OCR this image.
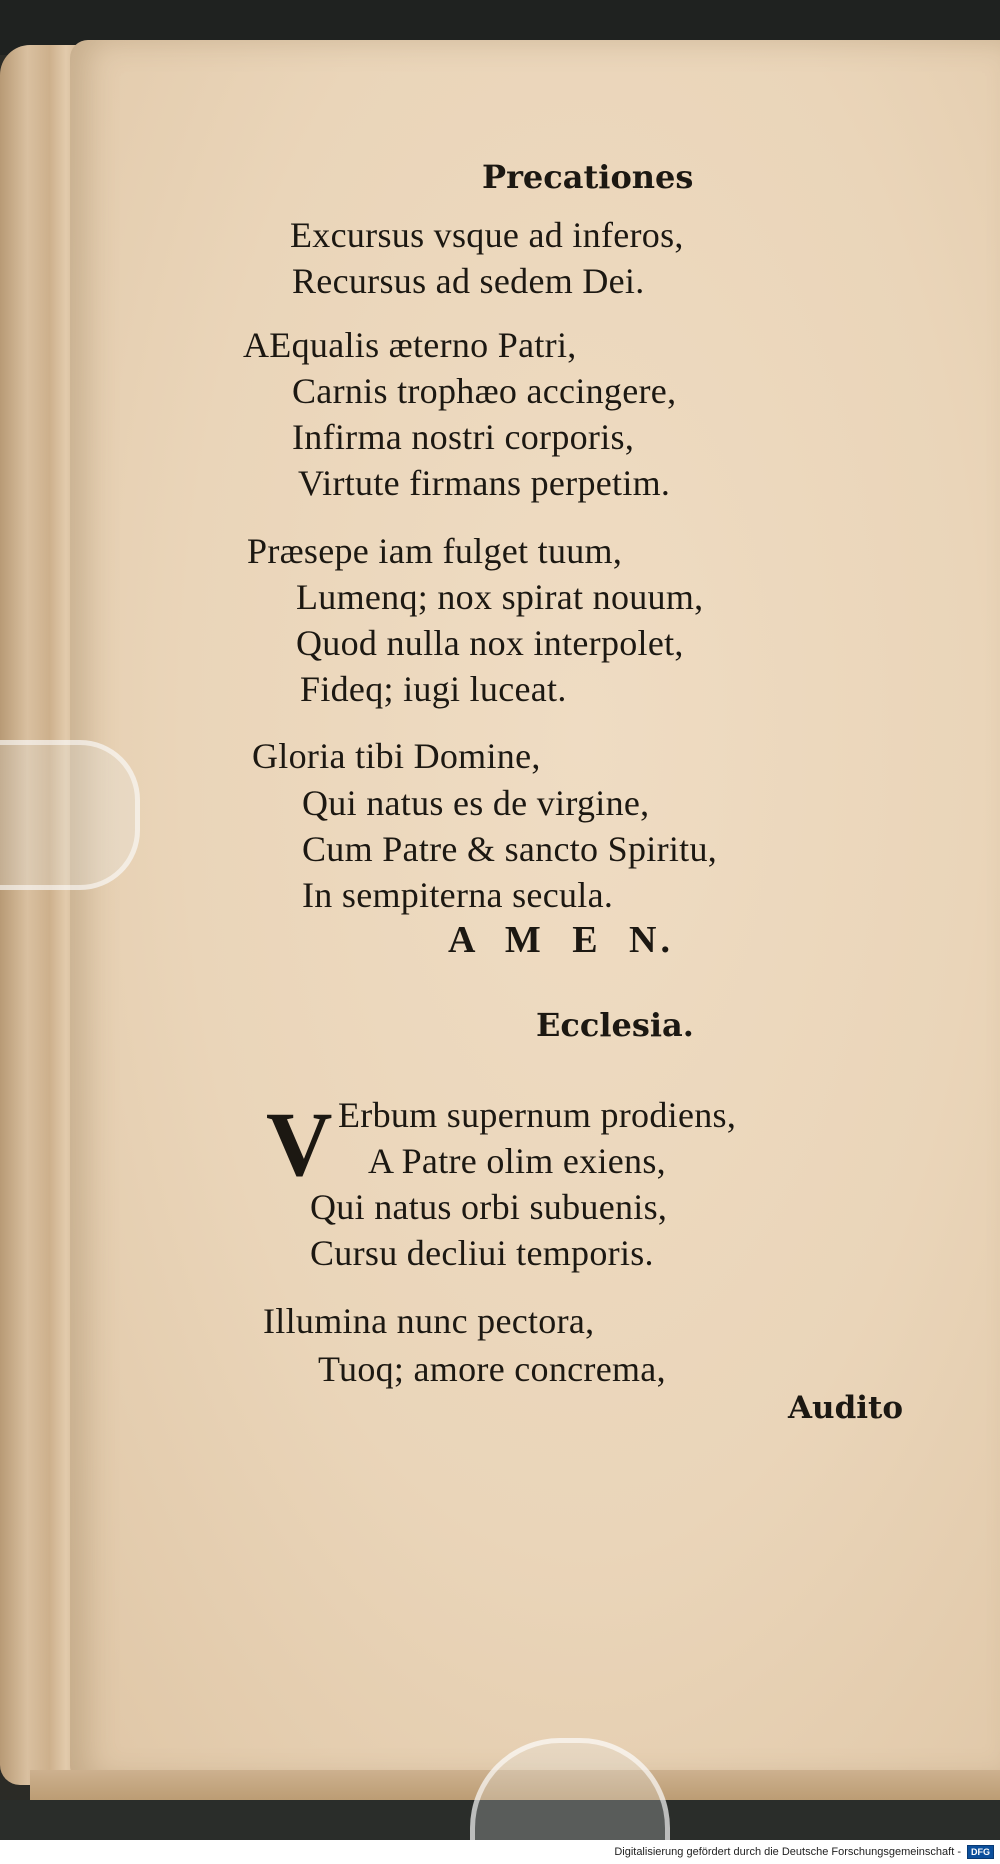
Precationes
Excursus vsque ad inferos,
Recursus ad sedem Dei.
AEqualis æterno Patri,
Carnis trophæo accingere,
Infirma nostri corporis,
Virtute firmans perpetim.
Præsepe iam fulget tuum,
Lumenq; nox spirat nouum,
Quod nulla nox interpolet,
Fideq; iugi luceat.
Gloria tibi Domine,
Qui natus es de virgine,
Cum Patre & sancto Spiritu,
In sempiterna secula.
A M E N.
Ecclesia.
V Erbum supernum prodiens,
A Patre olim exiens,
Qui natus orbi subuenis,
Cursu decliui temporis.
Illumina nunc pectora,
Tuoq; amore concrema,
Audito
Digitalisierung gefördert durch die Deutsche Forschungsgemeinschaft -	DFG
